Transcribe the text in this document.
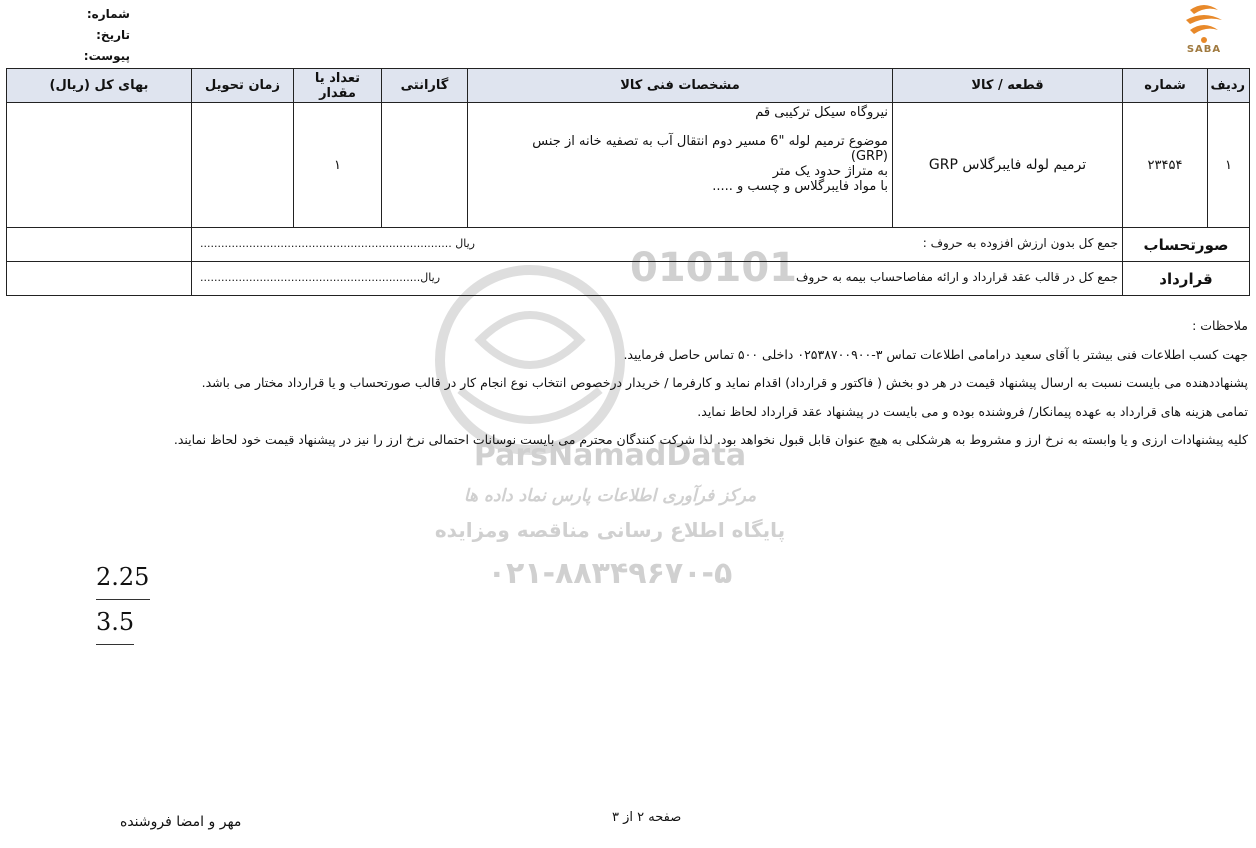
SABA
شماره:
تاریخ:
پیوست:
010101
ParsNamadData
مرکز فرآوری اطلاعات پارس نماد داده ها
پایگاه اطلاع رسانی مناقصه ومزایده
۰۲۱-۸۸۳۴۹۶۷۰-۵
ردیف	شماره	قطعه / کالا	مشخصات فنی کالا	گارانتی	تعداد یا مقدار	زمان تحویل	بهای کل (ریال)
۱	۲۳۴۵۴	ترمیم لوله فایبرگلاس GRP	نیروگاه سیکل ترکیبی قم
موضوع ترمیم لوله "6 مسیر دوم انتقال آب به تصفیه خانه از جنس
(GRP)
به متراژ حدود یک متر
با مواد فایبرگلاس و چسب و .....		۱		
صورتحساب		جمع کل بدون ارزش افزوده به حروف :
ریال ........................................................................					

قرارداد		جمع کل در قالب عقد قرارداد و ارائه مفاصاحساب بیمه به حروف
ریال...............................................................					

ملاحظات :
جهت کسب اطلاعات فنی بیشتر با آقای سعید درامامی اطلاعات تماس ۳-۰۲۵۳۸۷۰۰۹۰۰ داخلی ۵۰۰ تماس حاصل فرمایید.
پشنهاددهنده می بایست نسبت به ارسال پیشنهاد قیمت در هر دو بخش ( فاکتور و قرارداد) اقدام نماید و کارفرما / خریدار درخصوص انتخاب نوع انجام کار در قالب صورتحساب و یا قرارداد مختار می باشد.
تمامی هزینه های قرارداد به عهده پیمانکار/ فروشنده بوده و می بایست در پیشنهاد عقد قرارداد لحاظ نماید.
کلیه پیشنهادات ارزی و یا وابسته به نرخ ارز و مشروط به هرشکلی به هیچ عنوان قابل قبول نخواهد بود. لذا شرکت کنندگان محترم می بایست نوسانات احتمالی نرخ ارز را نیز در پیشنهاد قیمت خود لحاظ نمایند.
2.25
3.5
صفحه ۲ از ۳
مهر و امضا فروشنده
